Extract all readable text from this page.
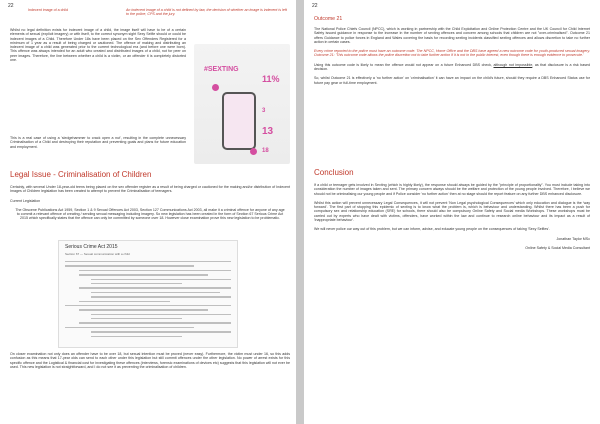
22
Indecent image of a child	An indecent image of a child is not defined by law, the decision of whether an image is indecent is left to the police, CPS and the jury.

Whilst no legal definition exists for indecent image of a child, the image itself will have to be of a certain elements of sexual (explicit imagery) or with itself, to the correct synonym sight Sexy Selfie should or could be indecent images of a Child. Therefore Under 18s have been placed on the Sex Offenders Registered for a minimum of 1 year as a result of being charged or cautioned. The offence of making and distributing an indecent image of a child was generated prior to the current technological era (and before one were born). This offence was always intended for an adult who created and distributed images of a child, not for peer on peer images. Therefore, the line between whether a child is a victim, or an offender it is completely distorted one.

#SEXTING
11%
3
13
18

This is a real case of using a 'sledgehammer to crack open a nut', resulting in the complete unnecessary Criminalisation of a Child and destroying their reputation and preventing goals and plans for future education and employment.

Legal Issue - Criminalisation of Children

Certainly, with several Under 18-year-old teens being placed on the sex offender register as a result of being charged or cautioned for the making and/or distribution of Indecent Images of Children legislation has been created to attempt to prevent the Criminalisation of teenagers.

Current Legislation

The Obscene Publications Act 1959, Section 1 & 9 Sexual Offences Act 2003, Section 127 Communications Act 2003, all make it a criminal offence for anyone of any age to commit a relevant offence of creating / sending sexual messaging including imagery. So new legislation has been created in the form of Section 67 Serious Crime Act 2015 which specifically states that the offence can only be committed by someone over 18. However close examination prove this new legislation to be problematic.

Serious Crime Act 2015
Section 67 — Sexual communication with a child

On closer examination not only does an offender have to be over 18, but sexual intention must be proved (never easy). Furthermore, the victim must under 16, so this adds confusion as this means that 17-year olds can send to each other under this legislation but still commit offences under the other legislation. No power of arrest exists for this specific offence and the Logistical & financial cost for investigating these offences (interviews, forensic examinations of devices etc) suggests that this legislation will not ever be used. This new legislation is not straightforward, and I do not see it as preventing the criminalisation of children.

22
Outcome 21

The National Police Chiefs Council (NPCC), which is working in partnership with the Child Exploitation and Online Protection Centre and the UK Council for Child Internet Safety issued guidance in response to the increase in the number of sexting offences and concern among schools that children are not "over-criminalised". Outcome 21 offers Guidance to police forces in England and Wales covering the basis for recording sexting incidents classified sexting offences and allows discretion to take no further action in certain cases.

Every crime reported to the police must have an outcome code. The NPCC, Home Office and the DBS have agreed a new outcome code for youth-produced sexual imagery. Outcome 21: 'This outcome code allows the police discretion not to take further action if it is not in the public interest, even though there is enough evidence to prosecute.'

Using this outcome code is likely to mean the offence would not appear on a future Enhanced DBS check, although not impossible, as that disclosure is a risk based decision.

So, whilst Outcome 21 is effectively a 'no further action' on 'criminalisation' it can have an impact on the child's future, should they require a DBS Enhanced Status use for future pay gear or full-time employment.

Conclusion

If a child or teenager gets involved in Sexting (which is highly likely), the response should always be guided by the "principle of proportionality". You must include taking into consideration the number of images taken and sent. The primary concern always should be the welfare and protection of the young people involved. Therefore, I believe we should not be criminalising our young people and if Police consider 'no further action' then at no stage should the report feature on any further DBS enhanced disclosure.

Whilst this action will prevent unnecessary Legal Consequences, it will not prevent 'Non Legal psychological Consequences' which only education and dialogue is the 'way forward'. The first part of stopping this epidemic of sexting is to know what the problem is, which is behaviour and understanding. Whilst there has been a push for compulsory sex and relationship education (SRE) for schools, there should also be compulsory Online Safety and Social media Workshops. These workshops must be carried out by experts who have dealt with victims, offenders, have worked within the law and continue to research online behaviour and its impact as a result of 'inappropriate behaviour'.

We will never police our way out of this problem, but we can inform, advise, and educate young people on the consequences of taking 'Sexy Selfies'.

Jonathan Taylor MSc

Online Safety & Social Media Consultant
